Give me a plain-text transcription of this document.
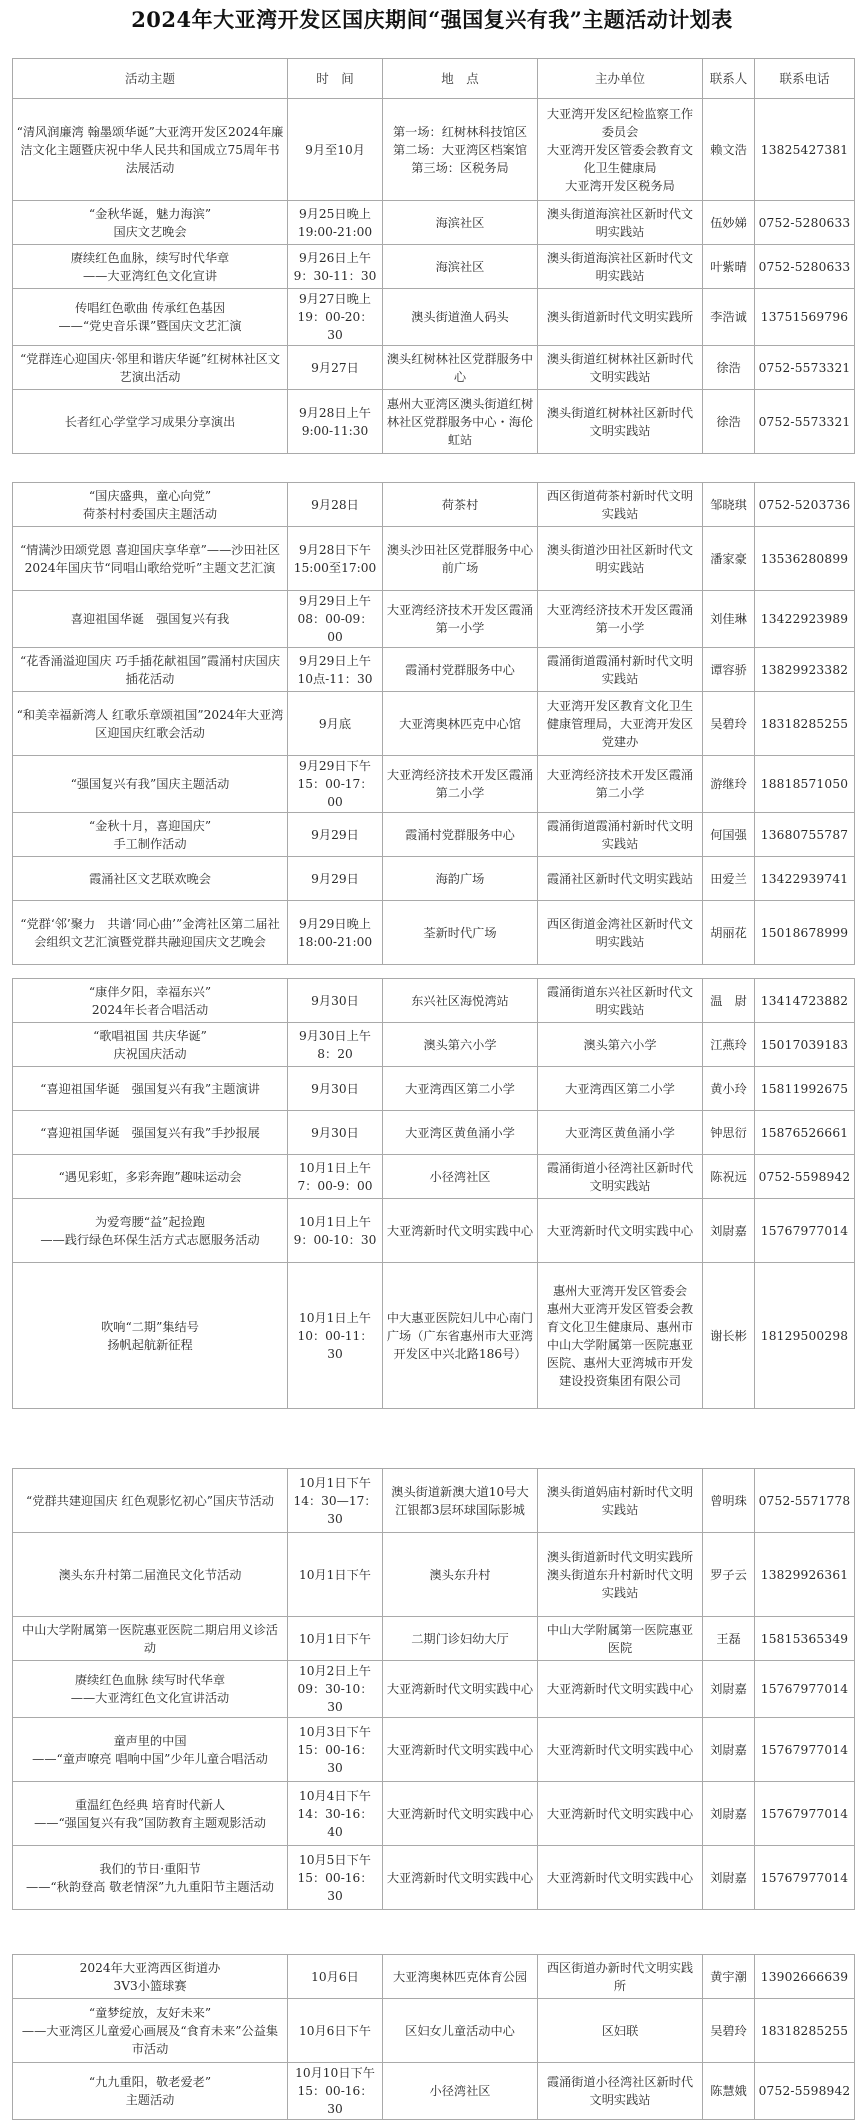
2024年大亚湾开发区国庆期间“强国复兴有我”主题活动计划表
活动主题	时　间	地　点	主办单位	联系人	联系电话
“清风润廉湾 翰墨颂华诞”大亚湾开发区2024年廉洁文化主题暨庆祝中华人民共和国成立75周年书法展活动	9月至10月	第一场：红树林科技馆区
第二场：大亚湾区档案馆
第三场：区税务局	大亚湾开发区纪检监察工作委员会
大亚湾开发区管委会教育文化卫生健康局
大亚湾开发区税务局	赖文浩	13825427381
“金秋华诞，魅力海滨”
国庆文艺晚会	9月25日晚上
19:00-21:00	海滨社区	澳头街道海滨社区新时代文明实践站	伍妙娣	0752-5280633
赓续红色血脉，续写时代华章
——大亚湾红色文化宣讲	9月26日上午
9：30-11：30	海滨社区	澳头街道海滨社区新时代文明实践站	叶紫晴	0752-5280633
传唱红色歌曲 传承红色基因
——“党史音乐课”暨国庆文艺汇演	9月27日晚上
19：00-20：30	澳头街道渔人码头	澳头街道新时代文明实践所	李浩诚	13751569796
“党群连心迎国庆·邻里和谐庆华诞”红树林社区文艺演出活动	9月27日	澳头红树林社区党群服务中心	澳头街道红树林社区新时代文明实践站	徐浩	0752-5573321
长者红心学堂学习成果分享演出	9月28日上午
9:00-11:30	惠州大亚湾区澳头街道红树林社区党群服务中心・海伦虹站	澳头街道红树林社区新时代文明实践站	徐浩	0752-5573321
“国庆盛典，童心向党”
荷茶村村委国庆主题活动	9月28日	荷茶村	西区街道荷茶村新时代文明实践站	邹晓琪	0752-5203736
“情满沙田颂党恩 喜迎国庆享华章”——沙田社区2024年国庆节“同唱山歌给党听”主题文艺汇演	9月28日下午
15:00至17:00	澳头沙田社区党群服务中心前广场	澳头街道沙田社区新时代文明实践站	潘家豪	13536280899
喜迎祖国华诞　强国复兴有我	9月29日上午
08：00-09：00	大亚湾经济技术开发区霞涌第一小学	大亚湾经济技术开发区霞涌第一小学	刘佳琳	13422923989
“花香涌溢迎国庆 巧手插花献祖国”霞涌村庆国庆插花活动	9月29日上午
10点-11：30	霞涌村党群服务中心	霞涌街道霞涌村新时代文明实践站	谭容骄	13829923382
“和美幸福新湾人 红歌乐章颂祖国”2024年大亚湾区迎国庆红歌会活动	9月底	大亚湾奥林匹克中心馆	大亚湾开发区教育文化卫生健康管理局，大亚湾开发区党建办	吴碧玲	18318285255
“强国复兴有我”国庆主题活动	9月29日下午
15：00-17：00	大亚湾经济技术开发区霞涌第二小学	大亚湾经济技术开发区霞涌第二小学	游继玲	18818571050
“金秋十月，喜迎国庆”
手工制作活动	9月29日	霞涌村党群服务中心	霞涌街道霞涌村新时代文明实践站	何国强	13680755787
霞涌社区文艺联欢晚会	9月29日	海韵广场	霞涌社区新时代文明实践站	田爱兰	13422939741
“党群‘邻’聚力　共谱‘同心曲’”金湾社区第二届社会组织文艺汇演暨党群共融迎国庆文艺晚会	9月29日晚上
18:00-21:00	荃新时代广场	西区街道金湾社区新时代文明实践站	胡丽花	15018678999
“康伴夕阳，幸福东兴”
2024年长者合唱活动	9月30日	东兴社区海悦湾站	霞涌街道东兴社区新时代文明实践站	温　尉	13414723882
“歌唱祖国 共庆华诞”
庆祝国庆活动	9月30日上午
8：20	澳头第六小学	澳头第六小学	江燕玲	15017039183
“喜迎祖国华诞　强国复兴有我”主题演讲	9月30日	大亚湾西区第二小学	大亚湾西区第二小学	黄小玲	15811992675
“喜迎祖国华诞　强国复兴有我”手抄报展	9月30日	大亚湾区黄鱼涌小学	大亚湾区黄鱼涌小学	钟思衍	15876526661
“遇见彩虹，多彩奔跑”趣味运动会	10月1日上午
7：00-9：00	小径湾社区	霞涌街道小径湾社区新时代文明实践站	陈祝远	0752-5598942
为爱弯腰“益”起捡跑
——践行绿色环保生活方式志愿服务活动	10月1日上午
9：00-10：30	大亚湾新时代文明实践中心	大亚湾新时代文明实践中心	刘尉嘉	15767977014
吹响“二期”集结号
扬帆起航新征程	10月1日上午
10：00-11：30	中大惠亚医院妇儿中心南门广场（广东省惠州市大亚湾开发区中兴北路186号）	惠州大亚湾开发区管委会
惠州大亚湾开发区管委会教育文化卫生健康局、惠州市中山大学附属第一医院惠亚医院、惠州大亚湾城市开发建设投资集团有限公司	谢长彬	18129500298
“党群共建迎国庆 红色观影忆初心”国庆节活动	10月1日下午
14：30—17：30	澳头街道新澳大道10号大江银都3层环球国际影城	澳头街道妈庙村新时代文明实践站	曾明珠	0752-5571778
澳头东升村第二届渔民文化节活动	10月1日下午	澳头东升村	澳头街道新时代文明实践所
澳头街道东升村新时代文明实践站	罗子云	13829926361
中山大学附属第一医院惠亚医院二期启用义诊活动	10月1日下午	二期门诊妇幼大厅	中山大学附属第一医院惠亚医院	王磊	15815365349
赓续红色血脉 续写时代华章
——大亚湾红色文化宣讲活动	10月2日上午
09：30-10：30	大亚湾新时代文明实践中心	大亚湾新时代文明实践中心	刘尉嘉	15767977014
童声里的中国
——“童声嘹亮 唱响中国”少年儿童合唱活动	10月3日下午
15：00-16：30	大亚湾新时代文明实践中心	大亚湾新时代文明实践中心	刘尉嘉	15767977014
重温红色经典 培育时代新人
——“强国复兴有我”国防教育主题观影活动	10月4日下午
14：30-16：40	大亚湾新时代文明实践中心	大亚湾新时代文明实践中心	刘尉嘉	15767977014
我们的节日·重阳节
——“秋韵登高 敬老情深”九九重阳节主题活动	10月5日下午
15：00-16：30	大亚湾新时代文明实践中心	大亚湾新时代文明实践中心	刘尉嘉	15767977014
2024年大亚湾西区街道办
3V3小篮球赛	10月6日	大亚湾奥林匹克体育公园	西区街道办新时代文明实践所	黄宇潮	13902666639
“童梦绽放，友好未来”
——大亚湾区儿童爱心画展及“食育未来”公益集市活动	10月6日下午	区妇女儿童活动中心	区妇联	吴碧玲	18318285255
“九九重阳，敬老爱老”
主题活动	10月10日下午
15：00-16：30	小径湾社区	霞涌街道小径湾社区新时代文明实践站	陈慧娥	0752-5598942
